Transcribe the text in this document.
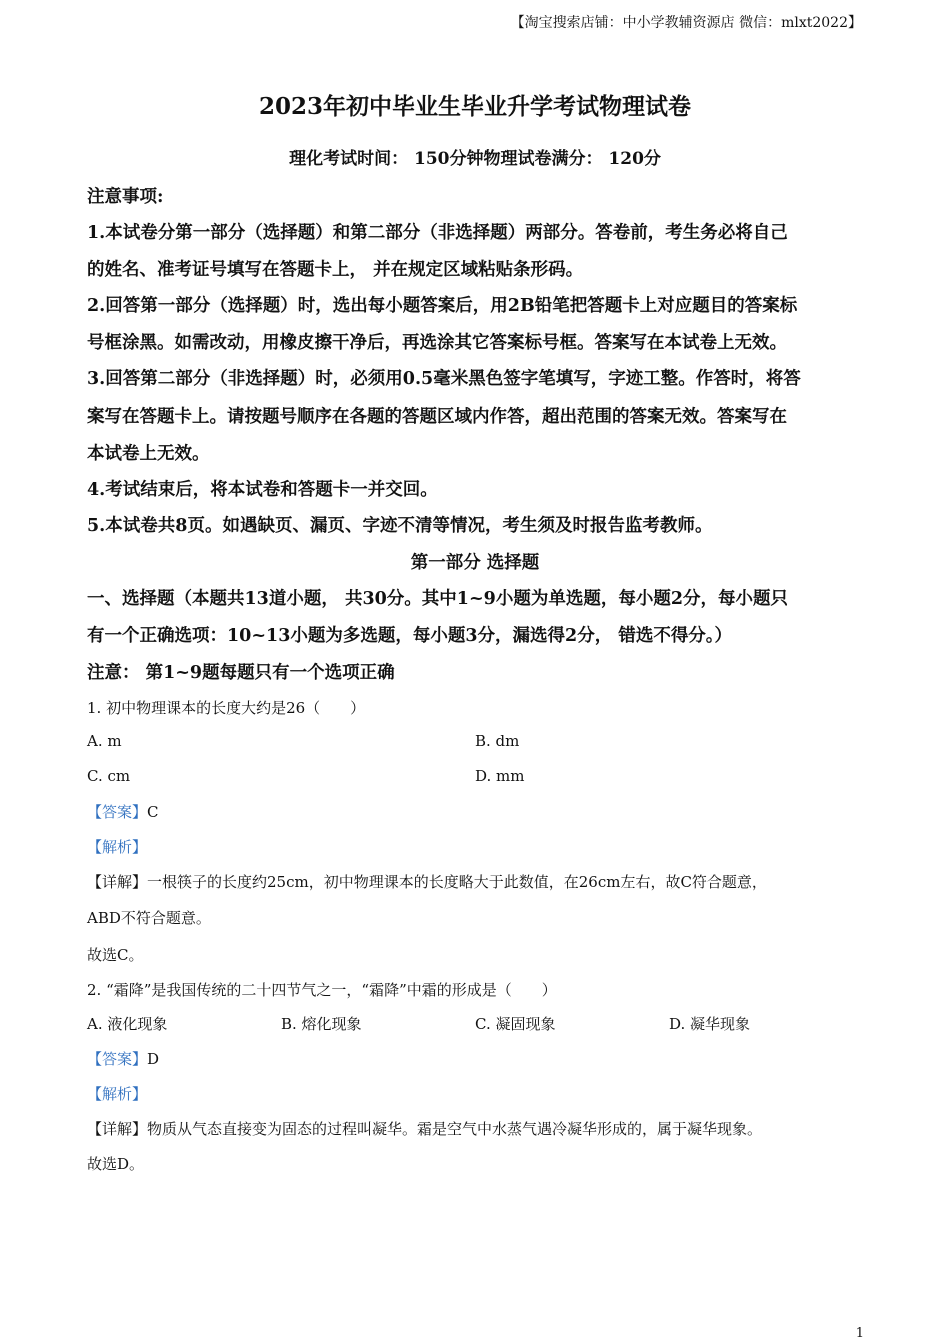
【淘宝搜索店铺：中小学教辅资源店 微信：mlxt2022】
2023年初中毕业生毕业升学考试物理试卷
理化考试时间： 150分钟物理试卷满分： 120分
注意事项:
1.本试卷分第一部分（选择题）和第二部分（非选择题）两部分。答卷前，考生务必将自己
的姓名、准考证号填写在答题卡上， 并在规定区域粘贴条形码。
2.回答第一部分（选择题）时，选出每小题答案后，用2B铅笔把答题卡上对应题目的答案标
号框涂黑。如需改动，用橡皮擦干净后，再选涂其它答案标号框。答案写在本试卷上无效。
3.回答第二部分（非选择题）时，必须用0.5毫米黑色签字笔填写，字迹工整。作答时，将答
案写在答题卡上。请按题号顺序在各题的答题区域内作答，超出范围的答案无效。答案写在
本试卷上无效。
4.考试结束后，将本试卷和答题卡一并交回。
5.本试卷共8页。如遇缺页、漏页、字迹不清等情况，考生须及时报告监考教师。
第一部分 选择题
一、选择题（本题共13道小题， 共30分。其中1~9小题为单选题，每小题2分，每小题只
有一个正确选项：10~13小题为多选题，每小题3分，漏选得2分， 错选不得分。）
注意： 第1~9题每题只有一个选项正确
1. 初中物理课本的长度大约是26（　　）
A. m	B. dm
C. cm	D. mm
【答案】C
【解析】
【详解】一根筷子的长度约25cm，初中物理课本的长度略大于此数值，在26cm左右，故C符合题意，
ABD不符合题意。
故选C。
2. “霜降”是我国传统的二十四节气之一，“霜降”中霜的形成是（　　）
A. 液化现象	B. 熔化现象	C. 凝固现象	D. 凝华现象
【答案】D
【解析】
【详解】物质从气态直接变为固态的过程叫凝华。霜是空气中水蒸气遇冷凝华形成的，属于凝华现象。
故选D。
1
